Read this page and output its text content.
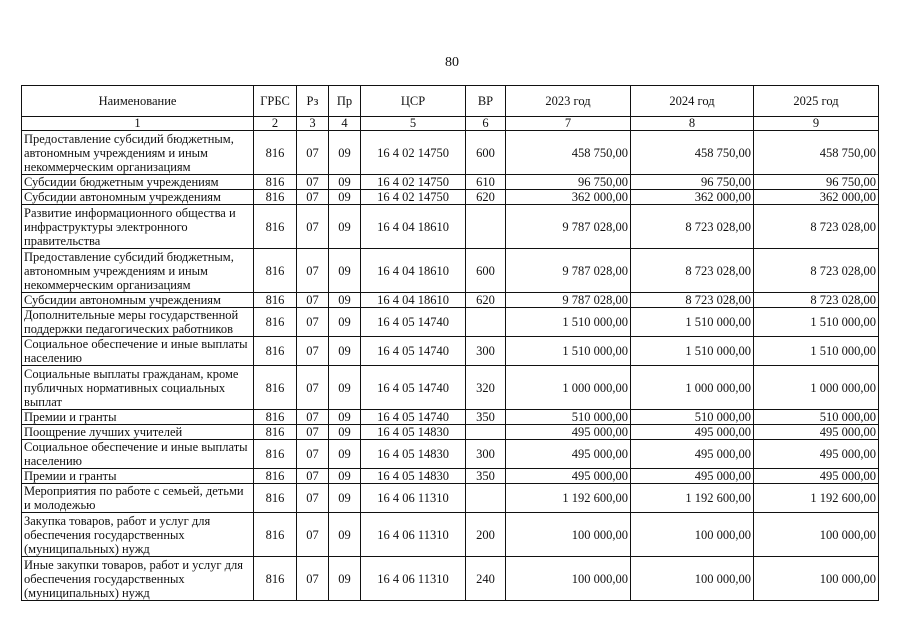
80
Наименование	ГРБС	Рз	Пр	ЦСР	ВР	2023 год	2024 год	2025 год
1	2	3	4	5	6	7	8	9
Предоставление субсидий бюджетным, автономным учреждениям и иным некоммерческим организациям	816	07	09	16 4 02 14750	600	458 750,00	458 750,00	458 750,00
Субсидии бюджетным учреждениям	816	07	09	16 4 02 14750	610	96 750,00	96 750,00	96 750,00
Субсидии автономным учреждениям	816	07	09	16 4 02 14750	620	362 000,00	362 000,00	362 000,00
Развитие информационного общества и инфраструктуры электронного правительства	816	07	09	16 4 04 18610		9 787 028,00	8 723 028,00	8 723 028,00
Предоставление субсидий бюджетным, автономным учреждениям и иным некоммерческим организациям	816	07	09	16 4 04 18610	600	9 787 028,00	8 723 028,00	8 723 028,00
Субсидии автономным учреждениям	816	07	09	16 4 04 18610	620	9 787 028,00	8 723 028,00	8 723 028,00
Дополнительные меры государственной поддержки педагогических работников	816	07	09	16 4 05 14740		1 510 000,00	1 510 000,00	1 510 000,00
Социальное обеспечение и иные выплаты населению	816	07	09	16 4 05 14740	300	1 510 000,00	1 510 000,00	1 510 000,00
Социальные выплаты гражданам, кроме публичных нормативных социальных выплат	816	07	09	16 4 05 14740	320	1 000 000,00	1 000 000,00	1 000 000,00
Премии и гранты	816	07	09	16 4 05 14740	350	510 000,00	510 000,00	510 000,00
Поощрение лучших учителей	816	07	09	16 4 05 14830		495 000,00	495 000,00	495 000,00
Социальное обеспечение и иные выплаты населению	816	07	09	16 4 05 14830	300	495 000,00	495 000,00	495 000,00
Премии и гранты	816	07	09	16 4 05 14830	350	495 000,00	495 000,00	495 000,00
Мероприятия по работе с семьей, детьми и молодежью	816	07	09	16 4 06 11310		1 192 600,00	1 192 600,00	1 192 600,00
Закупка товаров, работ и услуг для обеспечения государственных (муниципальных) нужд	816	07	09	16 4 06 11310	200	100 000,00	100 000,00	100 000,00
Иные закупки товаров, работ и услуг для обеспечения государственных (муниципальных) нужд	816	07	09	16 4 06 11310	240	100 000,00	100 000,00	100 000,00
